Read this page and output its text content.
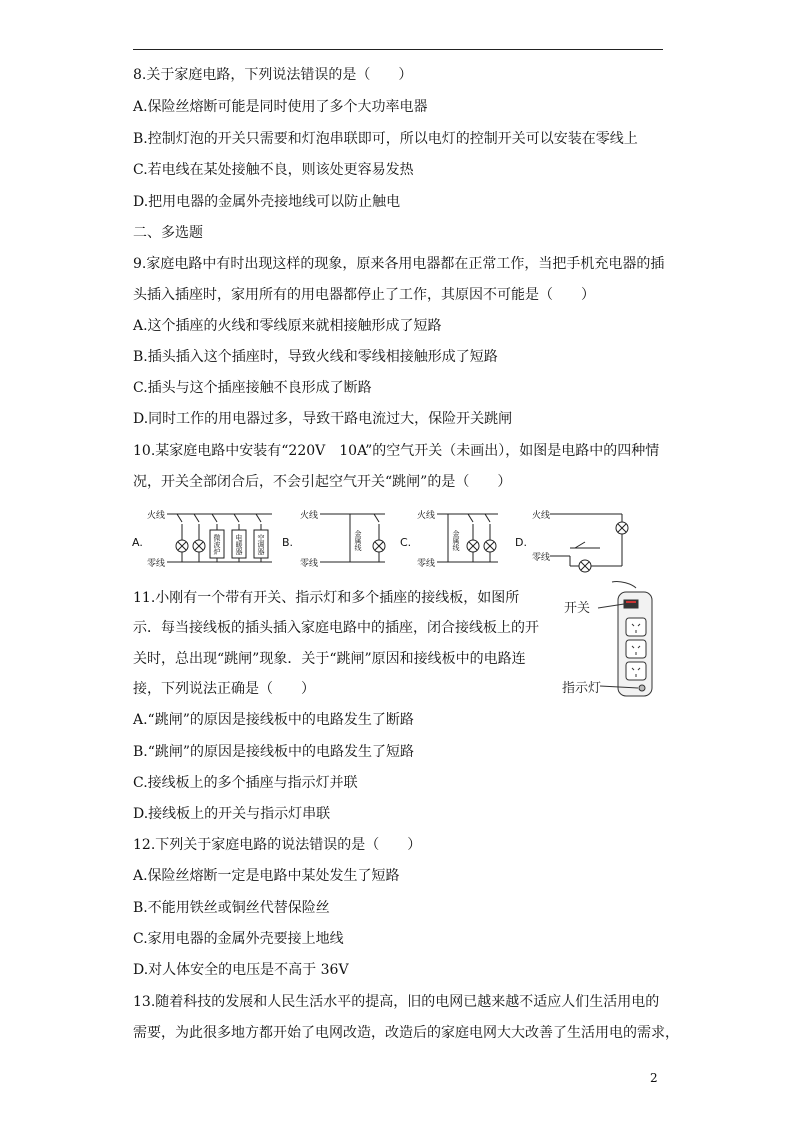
8.关于家庭电路，下列说法错误的是（　　）
A.保险丝熔断可能是同时使用了多个大功率电器
B.控制灯泡的开关只需要和灯泡串联即可，所以电灯的控制开关可以安装在零线上
C.若电线在某处接触不良，则该处更容易发热
D.把用电器的金属外壳接地线可以防止触电
二、多选题
9.家庭电路中有时出现这样的现象，原来各用电器都在正常工作，当把手机充电器的插
头插入插座时，家用所有的用电器都停止了工作，其原因不可能是（　　）
A.这个插座的火线和零线原来就相接触形成了短路
B.插头插入这个插座时，导致火线和零线相接触形成了短路
C.插头与这个插座接触不良形成了断路
D.同时工作的用电器过多，导致干路电流过大，保险开关跳闸
10.某家庭电路中安装有“220V　10A”的空气开关（未画出），如图是电路中的四种情
况，开关全部闭合后，不会引起空气开关“跳闸”的是（　　）
A.
火线
零线
微波炉 电暖器 空调器 B.
火线
零线
金属线	C.
火线
零线
金属线	D.
火线
零线
11.小刚有一个带有开关、指示灯和多个插座的接线板，如图所
示．每当接线板的插头插入家庭电路中的插座，闭合接线板上的开
关时，总出现“跳闸”现象．关于“跳闸”原因和接线板中的电路连
接，下列说法正确是（　　）
开关
指示灯
A.“跳闸”的原因是接线板中的电路发生了断路
B.“跳闸”的原因是接线板中的电路发生了短路
C.接线板上的多个插座与指示灯并联
D.接线板上的开关与指示灯串联
12.下列关于家庭电路的说法错误的是（　　）
A.保险丝熔断一定是电路中某处发生了短路
B.不能用铁丝或铜丝代替保险丝
C.家用电器的金属外壳要接上地线
D.对人体安全的电压是不高于 36V
13.随着科技的发展和人民生活水平的提高，旧的电网已越来越不适应人们生活用电的
需要，为此很多地方都开始了电网改造，改造后的家庭电网大大改善了生活用电的需求，
2
